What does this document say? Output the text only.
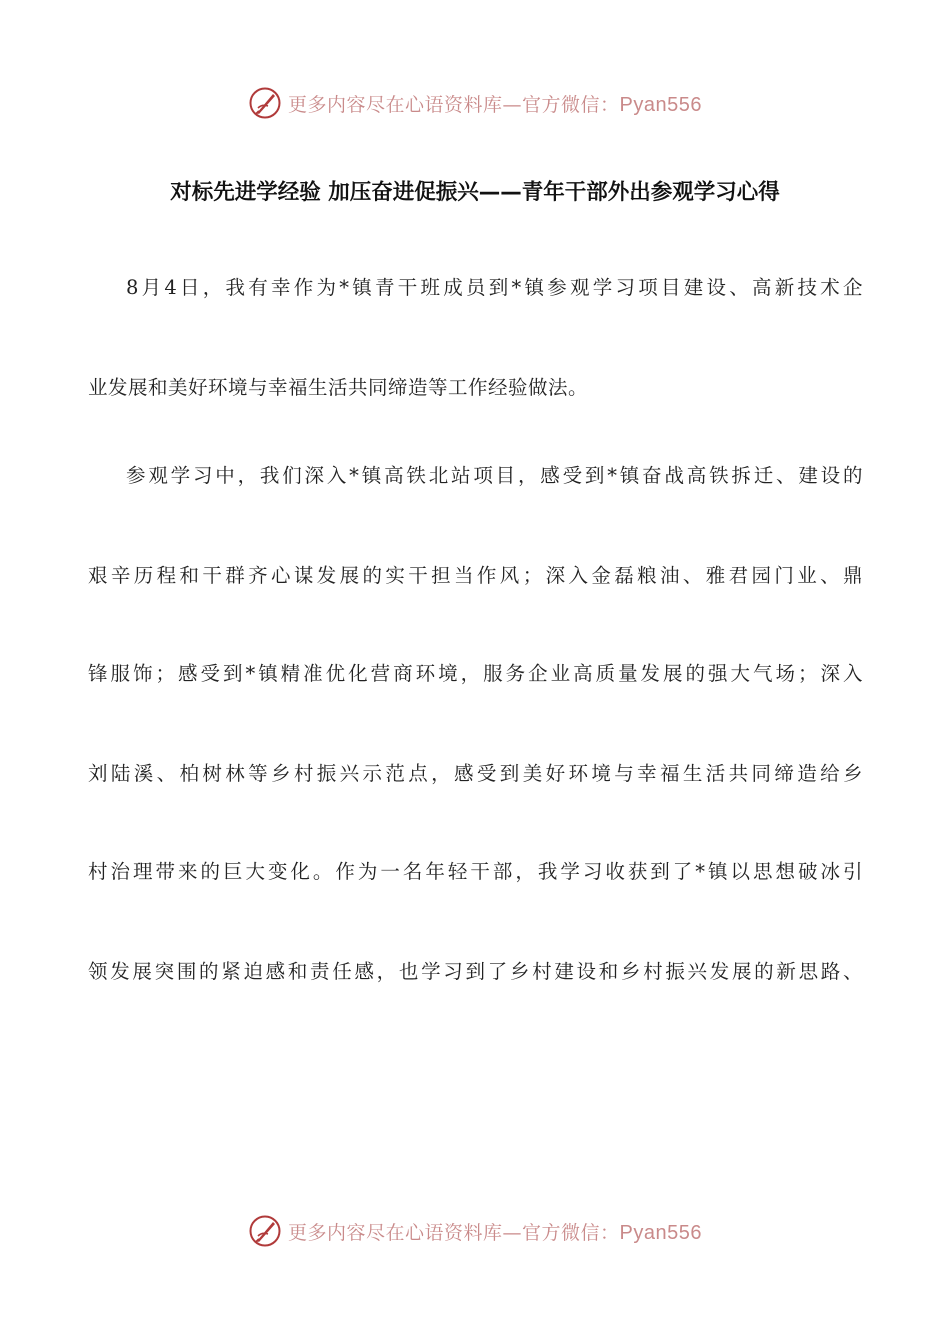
更多内容尽在心语资料库—官方微信：Pyan556
对标先进学经验 加压奋进促振兴——青年干部外出参观学习心得
8月4日，我有幸作为*镇青干班成员到*镇参观学习项目建设、高新技术企
业发展和美好环境与幸福生活共同缔造等工作经验做法。
参观学习中，我们深入*镇高铁北站项目，感受到*镇奋战高铁拆迁、建设的
艰辛历程和干群齐心谋发展的实干担当作风；深入金磊粮油、雅君园门业、鼎
锋服饰；感受到*镇精准优化营商环境，服务企业高质量发展的强大气场；深入
刘陆溪、柏树林等乡村振兴示范点，感受到美好环境与幸福生活共同缔造给乡
村治理带来的巨大变化。作为一名年轻干部，我学习收获到了*镇以思想破冰引
领发展突围的紧迫感和责任感，也学习到了乡村建设和乡村振兴发展的新思路、
更多内容尽在心语资料库—官方微信：Pyan556
